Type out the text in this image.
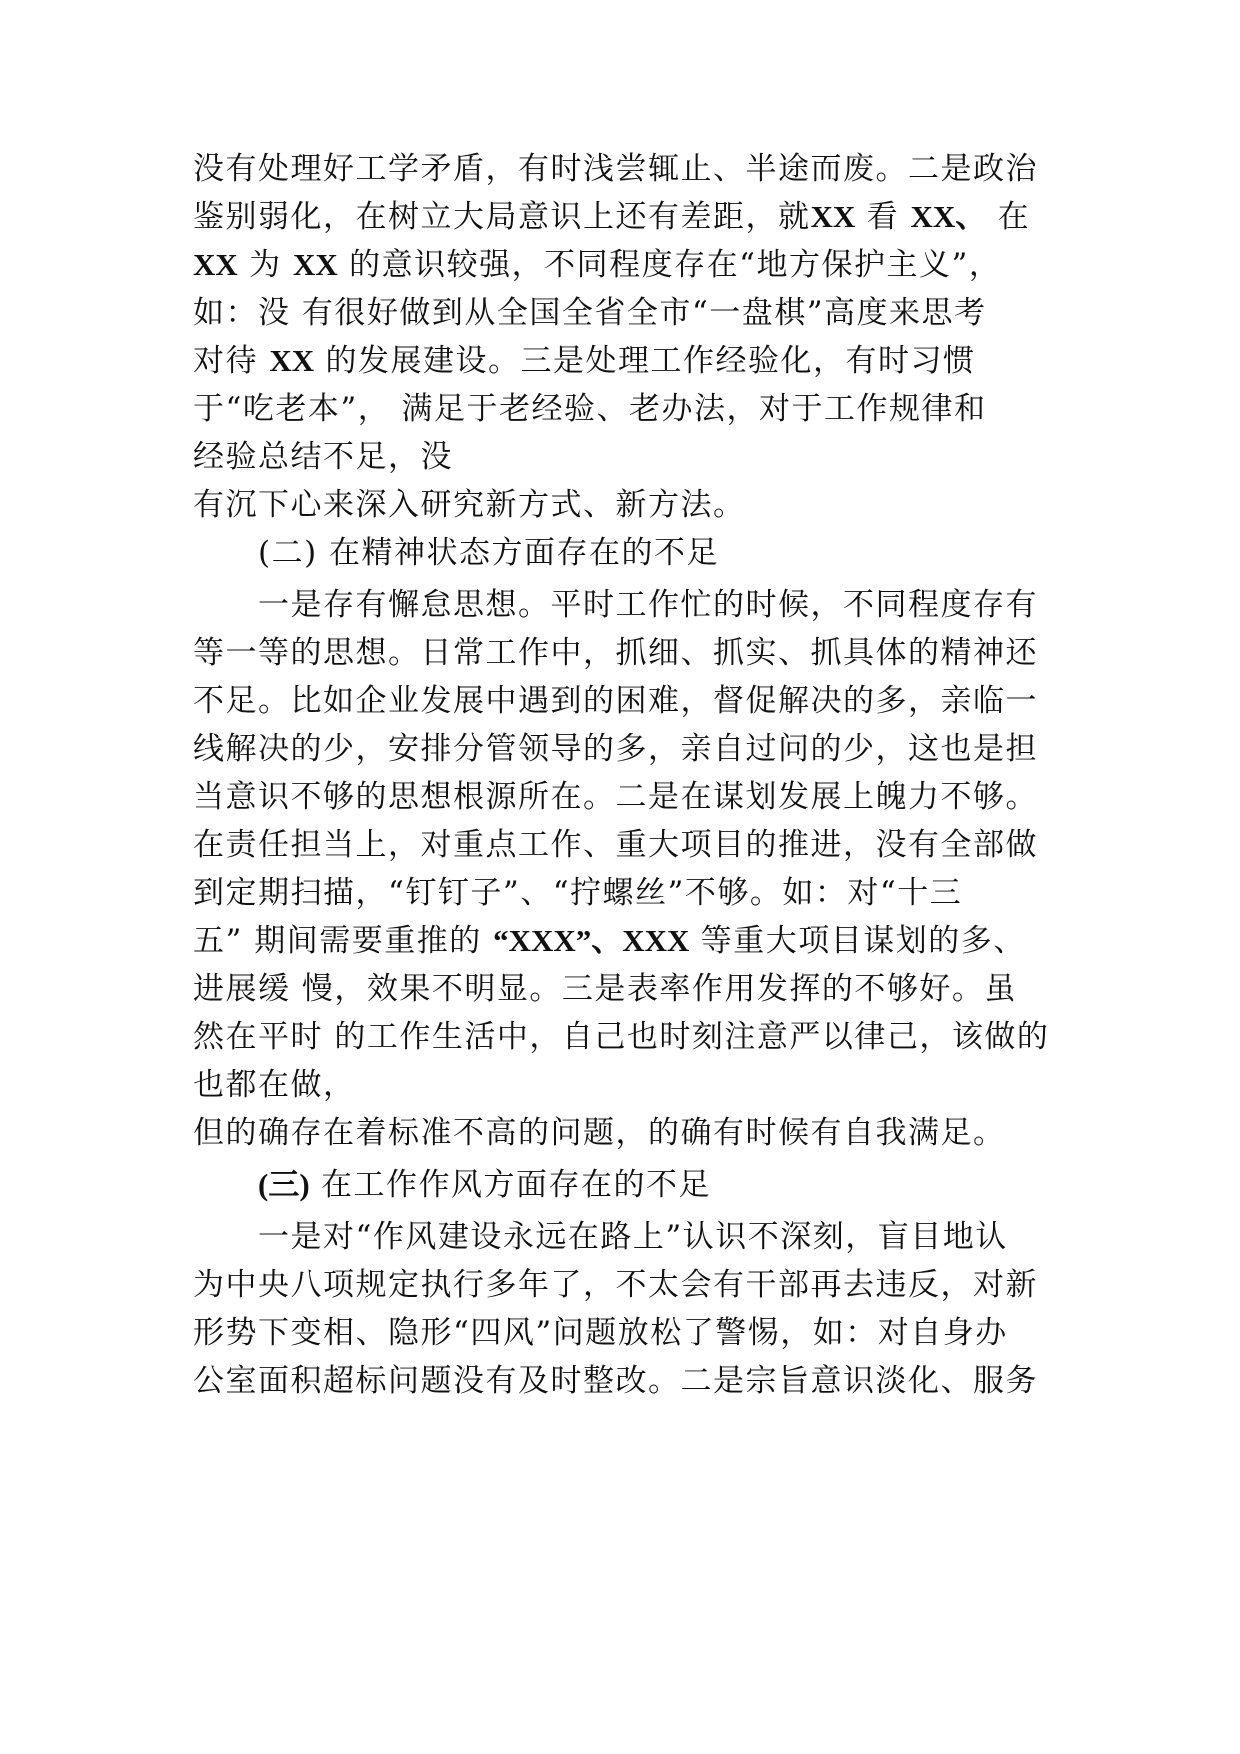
没有处理好工学矛盾，有时浅尝辄止、半途而废。二是政治
鉴别弱化，在树立大局意识上还有差距，就XX 看 XX、 在
XX 为 XX 的意识较强，不同程度存在“地方保护主义”，
如：没 有很好做到从全国全省全市“一盘棋”高度来思考
对待 XX 的发展建设。三是处理工作经验化，有时习惯
于“吃老本”， 满足于老经验、老办法，对于工作规律和
经验总结不足，没
有沉下心来深入研究新方式、新方法。
(二) 在精神状态方面存在的不足
一是存有懈怠思想。平时工作忙的时候，不同程度存有
等一等的思想。日常工作中，抓细、抓实、抓具体的精神还
不足。比如企业发展中遇到的困难，督促解决的多，亲临一
线解决的少，安排分管领导的多，亲自过问的少，这也是担
当意识不够的思想根源所在。二是在谋划发展上魄力不够。
在责任担当上，对重点工作、重大项目的推进，没有全部做
到定期扫描，“钉钉子”、“拧螺丝”不够。如：对“十三
五” 期间需要重推的 “XXX”、XXX 等重大项目谋划的多、
进展缓 慢，效果不明显。三是表率作用发挥的不够好。虽
然在平时 的工作生活中，自己也时刻注意严以律己，该做的
也都在做，
但的确存在着标准不高的问题，的确有时候有自我满足。
(三) 在工作作风方面存在的不足
一是对“作风建设永远在路上”认识不深刻，盲目地认
为中央八项规定执行多年了，不太会有干部再去违反，对新
形势下变相、隐形“四风”问题放松了警惕，如：对自身办
公室面积超标问题没有及时整改。二是宗旨意识淡化、服务
